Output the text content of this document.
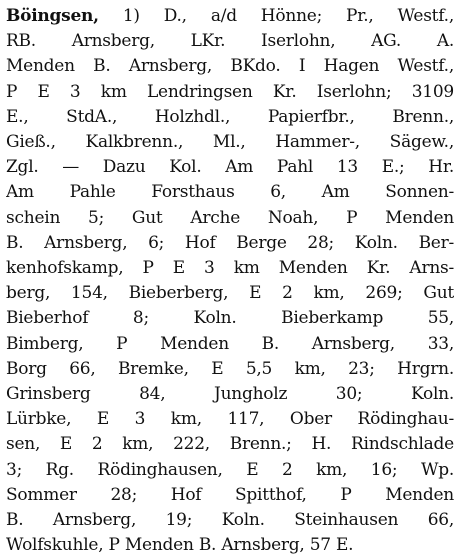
Böingsen, 1) D., a/d Hönne; Pr., Westf.,
RB. Arnsberg, LKr. Iserlohn, AG. A.
Menden B. Arnsberg, BKdo. I Hagen Westf.,
P E 3 km Lendringsen Kr. Iserlohn; 3109
E., StdA., Holzhdl., Papierfbr., Brenn.,
Gieß., Kalkbrenn., Ml., Hammer-, Sägew.,
Zgl. — Dazu Kol. Am Pahl 13 E.; Hr.
Am Pahle Forsthaus 6, Am Sonnen-
schein 5; Gut Arche Noah, P Menden
B. Arnsberg, 6; Hof Berge 28; Koln. Ber-
kenhofskamp, P E 3 km Menden Kr. Arns-
berg, 154, Bieberberg, E 2 km, 269; Gut
Bieberhof 8; Koln. Bieberkamp 55,
Bimberg, P Menden B. Arnsberg, 33,
Borg 66, Bremke, E 5,5 km, 23; Hrgrn.
Grinsberg 84, Jungholz 30; Koln.
Lürbke, E 3 km, 117, Ober Rödinghau-
sen, E 2 km, 222, Brenn.; H. Rindschlade
3; Rg. Rödinghausen, E 2 km, 16; Wp.
Sommer 28; Hof Spitthof, P Menden
B. Arnsberg, 19; Koln. Steinhausen 66,
Wolfskuhle, P Menden B. Arnsberg, 57 E.
